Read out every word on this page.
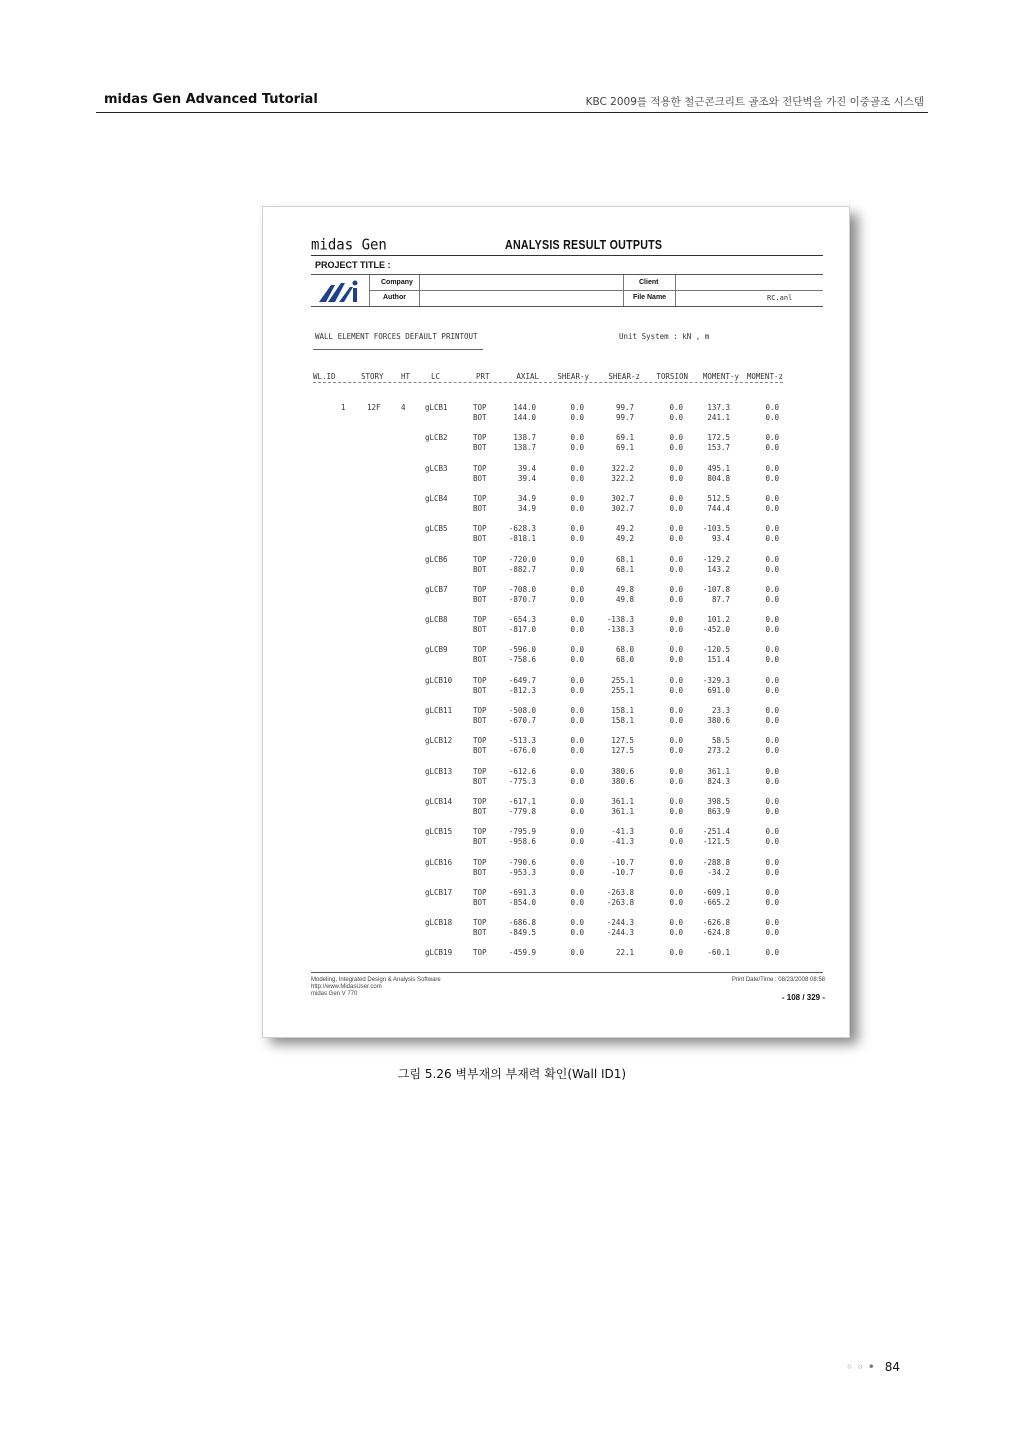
midas Gen Advanced Tutorial	KBC 2009를 적용한 철근콘크리트 골조와 전단벽을 가진 이중골조 시스템
midas Gen	ANALYSIS RESULT OUTPUTS
PROJECT TITLE :
Company
Author
Client
File Name	RC.anl
WALL ELEMENT FORCES DEFAULT PRINTOUT	Unit System : kN , m
WL.ID	STORY HT	LC	PRT	AXIAL	SHEAR-y	SHEAR-z	TORSION	MOMENT-y	MOMENT-z
1	12F	4	gLCB1	TOP	144.0	0.0	99.7	0.0	137.3	0.0
BOT	144.0	0.0	99.7	0.0	241.1	0.0
gLCB2	TOP	138.7	0.0	69.1	0.0	172.5	0.0
BOT	138.7	0.0	69.1	0.0	153.7	0.0
gLCB3	TOP	39.4	0.0	322.2	0.0	495.1	0.0
BOT	39.4	0.0	322.2	0.0	804.8	0.0
gLCB4	TOP	34.9	0.0	302.7	0.0	512.5	0.0
BOT	34.9	0.0	302.7	0.0	744.4	0.0
gLCB5	TOP	-628.3	0.0	49.2	0.0	-103.5	0.0
BOT	-818.1	0.0	49.2	0.0	93.4	0.0
gLCB6	TOP	-720.0	0.0	68.1	0.0	-129.2	0.0
BOT	-882.7	0.0	68.1	0.0	143.2	0.0
gLCB7	TOP	-708.0	0.0	49.8	0.0	-107.8	0.0
BOT	-870.7	0.0	49.8	0.0	87.7	0.0
gLCB8	TOP	-654.3	0.0	-138.3	0.0	101.2	0.0
BOT	-817.0	0.0	-138.3	0.0	-452.0	0.0
gLCB9	TOP	-596.0	0.0	68.0	0.0	-120.5	0.0
BOT	-758.6	0.0	68.0	0.0	151.4	0.0
gLCB10	TOP	-649.7	0.0	255.1	0.0	-329.3	0.0
BOT	-812.3	0.0	255.1	0.0	691.0	0.0
gLCB11	TOP	-508.0	0.0	158.1	0.0	23.3	0.0
BOT	-670.7	0.0	158.1	0.0	380.6	0.0
gLCB12	TOP	-513.3	0.0	127.5	0.0	58.5	0.0
BOT	-676.0	0.0	127.5	0.0	273.2	0.0
gLCB13	TOP	-612.6	0.0	380.6	0.0	361.1	0.0
BOT	-775.3	0.0	380.6	0.0	824.3	0.0
gLCB14	TOP	-617.1	0.0	361.1	0.0	398.5	0.0
BOT	-779.8	0.0	361.1	0.0	863.9	0.0
gLCB15	TOP	-795.9	0.0	-41.3	0.0	-251.4	0.0
BOT	-958.6	0.0	-41.3	0.0	-121.5	0.0
gLCB16	TOP	-790.6	0.0	-10.7	0.0	-288.8	0.0
BOT	-953.3	0.0	-10.7	0.0	-34.2	0.0
gLCB17	TOP	-691.3	0.0	-263.8	0.0	-609.1	0.0
BOT	-854.0	0.0	-263.8	0.0	-665.2	0.0
gLCB18	TOP	-686.8	0.0	-244.3	0.0	-626.8	0.0
BOT	-849.5	0.0	-244.3	0.0	-624.8	0.0
gLCB19	TOP	-459.9	0.0	22.1	0.0	-60.1	0.0
Modeling, Integrated Design & Analysis Software
http://www.MidasUser.com
midas Gen V 770
Print Date/Time : 08/23/2008 08:58
- 108 / 329 -
그림 5.26 벽부재의 부재력 확인(Wall ID1)
◦ ◦ • 84
